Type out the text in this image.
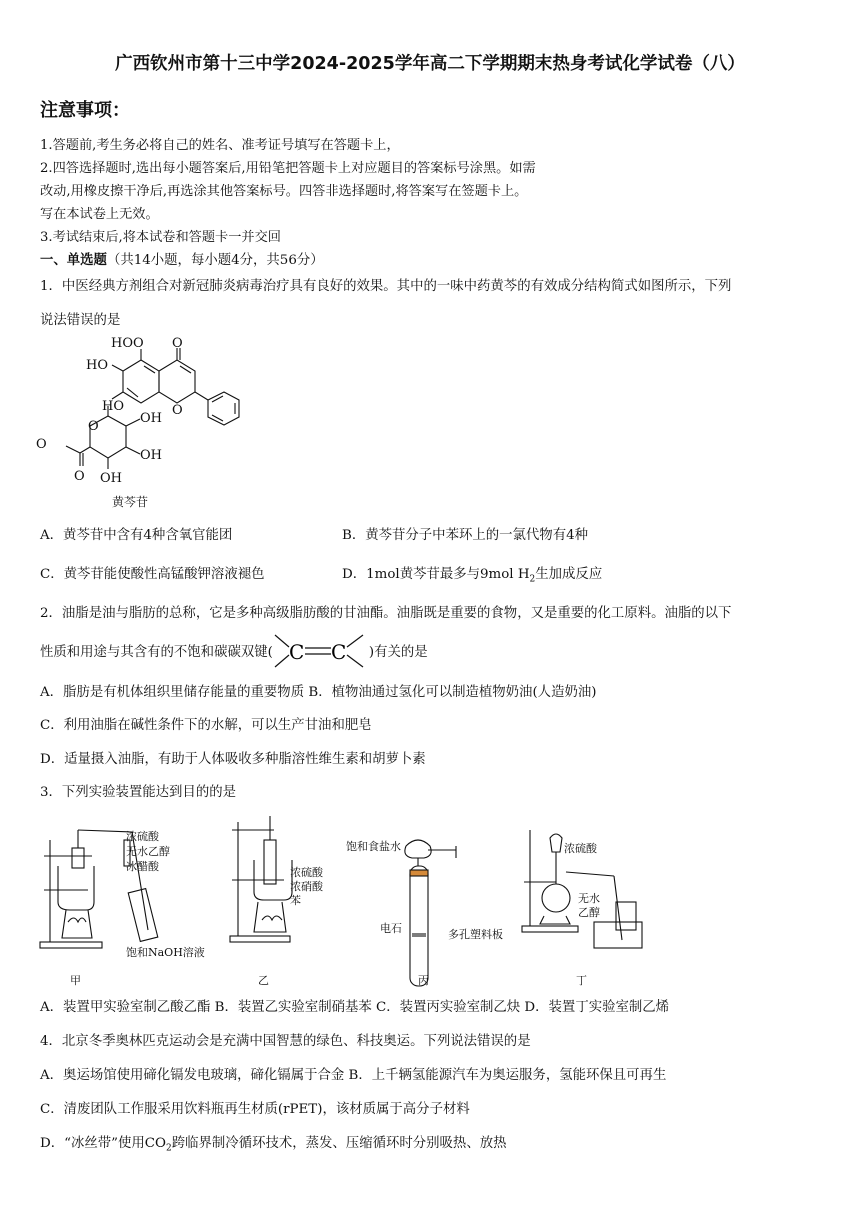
广西钦州市第十三中学2024-2025学年高二下学期期末热身考试化学试卷（八）
注意事项：
1.答题前,考生务必将自己的姓名、准考证号填写在答题卡上，
2.四答选择题时,选出每小题答案后,用铅笔把答题卡上对应题目的答案标号涂黑。如需
改动,用橡皮擦干净后,再选涂其他答案标号。四答非选择题时,将答案写在签题卡上。
写在本试卷上无效。
3.考试结束后,将本试卷和答题卡一并交回
一、单选题（共14小题，每小题4分，共56分）
1．中医经典方剂组合对新冠肺炎病毒治疗具有良好的效果。其中的一味中药黄芩的有效成分结构简式如图所示，下列
说法错误的是
O
HO	O
HO
O
HO
OH
O
O
O
OH
OH
黄芩苷
A．黄芩苷中含有4种含氧官能团	B．黄芩苷分子中苯环上的一氯代物有4种
C．黄芩苷能使酸性高锰酸钾溶液褪色	D．1mol黄芩苷最多与9mol $H_2$生加成反应
2．油脂是油与脂肪的总称，它是多种高级脂肪酸的甘油酯。油脂既是重要的食物，又是重要的化工原料。油脂的以下
性质和用途与其含有的不饱和碳碳双键( C C )有关的是
A．脂肪是有机体组织里储存能量的重要物质 B．植物油通过氢化可以制造植物奶油(人造奶油)
C．利用油脂在碱性条件下的水解，可以生产甘油和肥皂
D．适量摄入油脂，有助于人体吸收多种脂溶性维生素和胡萝卜素
3．下列实验装置能达到目的的是
浓硫酸
无水乙醇
冰醋酸
饱和NaOH溶液
浓硫酸
浓硝酸
苯
饱和食盐水
电石	多孔塑料板
浓硫酸
无水
乙醇
甲	乙	丙	丁
A．装置甲实验室制乙酸乙酯 B．装置乙实验室制硝基苯 C．装置丙实验室制乙炔 D．装置丁实验室制乙烯
4．北京冬季奥林匹克运动会是充满中国智慧的绿色、科技奥运。下列说法错误的是
A．奥运场馆使用碲化镉发电玻璃，碲化镉属于合金 B．上千辆氢能源汽车为奥运服务，氢能环保且可再生
C．清废团队工作服采用饮料瓶再生材质(rPET)，该材质属于高分子材料
D．“冰丝带”使用$CO_2$跨临界制冷循环技术，蒸发、压缩循环时分别吸热、放热
